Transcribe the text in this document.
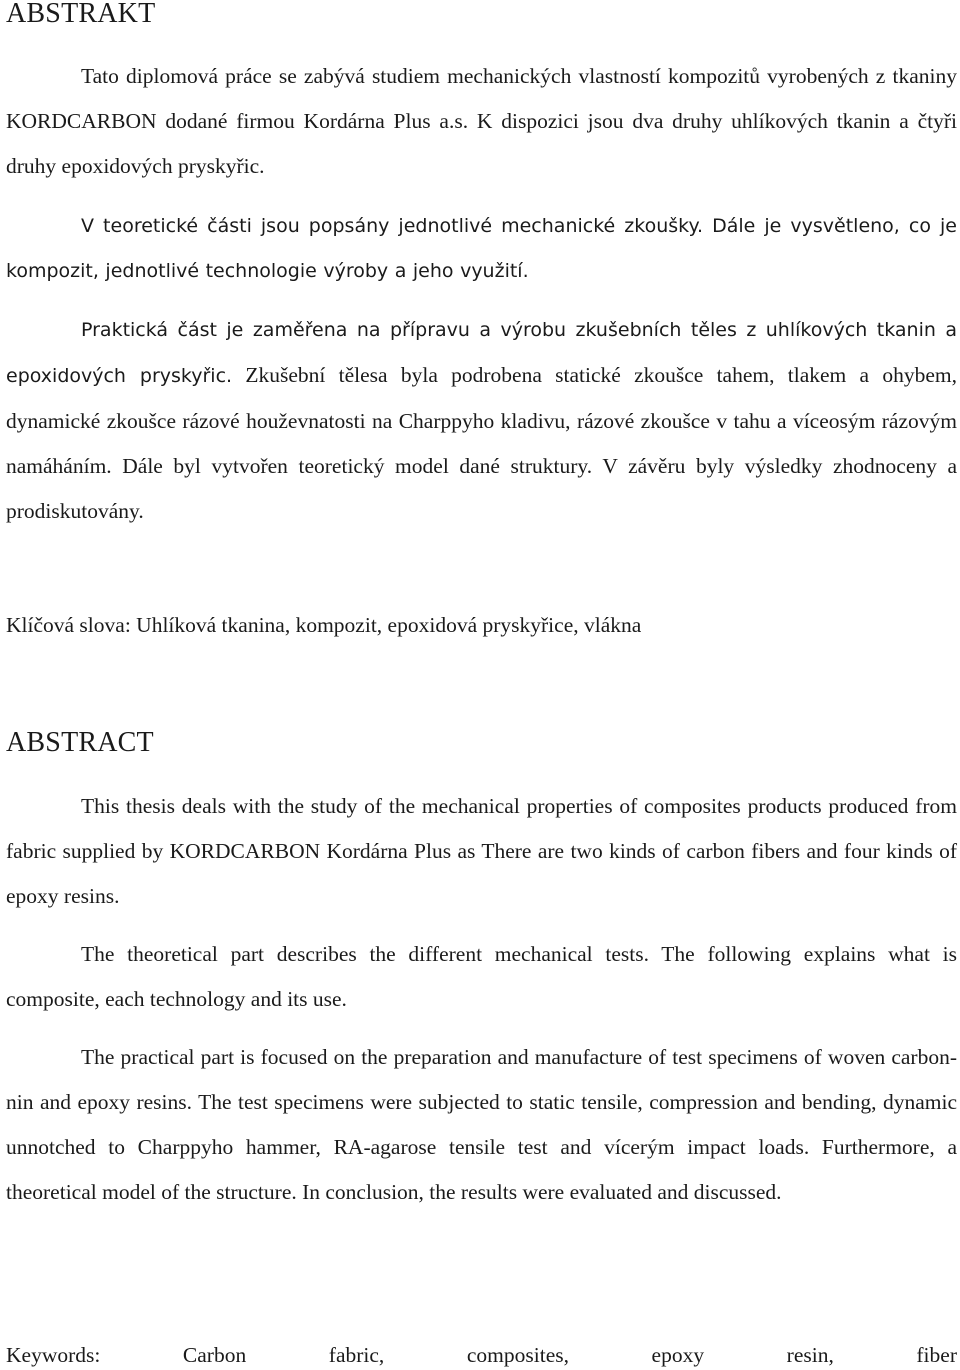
ABSTRAKT

Tato diplomová práce se zabývá studiem mechanických vlastností kompozitů vyrobených z tkaniny KORDCARBON dodané firmou Kordárna Plus a.s. K dispozici jsou dva druhy uhlíkových tkanin a čtyři druhy epoxidových pryskyřic.

V teoretické části jsou popsány jednotlivé mechanické zkoušky. Dále je vysvětleno, co je kompozit, jednotlivé technologie výroby a jeho využití.

Praktická část je zaměřena na přípravu a výrobu zkušebních těles z uhlíkových tkanin a epoxidových pryskyřic. Zkušební tělesa byla podrobena statické zkoušce tahem, tlakem a ohybem, dynamické zkoušce rázové houževnatosti na Charppyho kladivu, rázové zkoušce v tahu a víceosým rázovým namáháním. Dále byl vytvořen teoretický model dané struktury. V závěru byly výsledky zhodnoceny a prodiskutovány.

Klíčová slova: Uhlíková tkanina, kompozit, epoxidová pryskyřice, vlákna

ABSTRACT

This thesis deals with the study of the mechanical properties of composites products produced from fabric supplied by KORDCARBON Kordárna Plus as There are two kinds of carbon fibers and four kinds of epoxy resins.

The theoretical part describes the different mechanical tests. The following explains what is composite, each technology and its use.

The practical part is focused on the preparation and manufacture of test specimens of woven carbon-nin and epoxy resins. The test specimens were subjected to static tensile, compression and bending, dynamic unnotched to Charppyho hammer, RA-agarose tensile test and vícerým impact loads. Furthermore, a theoretical model of the structure. In conclusion, the results were evaluated and discussed.

Keywords:	Carbon	fabric,	composites,	epoxy	resin,	fiber
